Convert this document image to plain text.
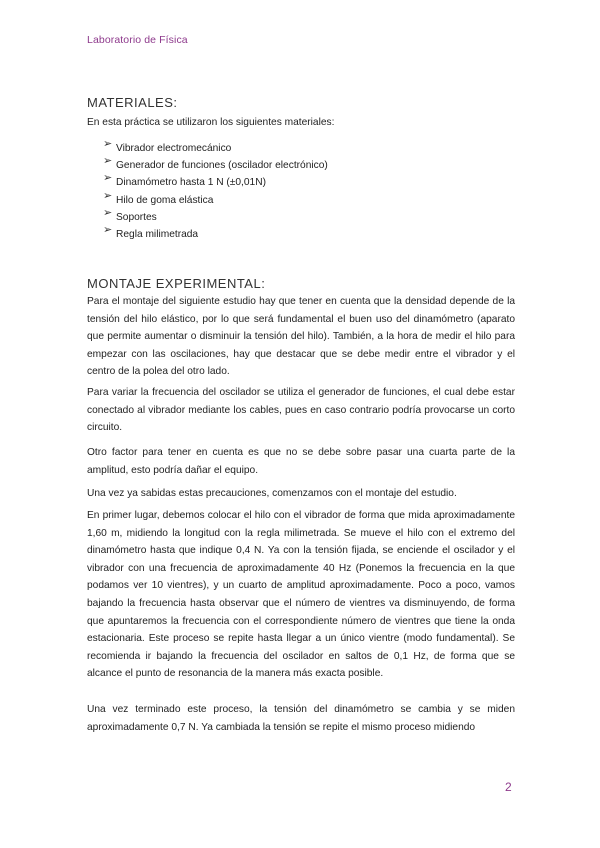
Laboratorio de Física
MATERIALES:

En esta práctica se utilizaron los siguientes materiales:

➢ Vibrador electromecánico
➢ Generador de funciones (oscilador electrónico)
➢ Dinamómetro hasta 1 N (±0,01N)
➢ Hilo de goma elástica
➢ Soportes
➢ Regla milimetrada
MONTAJE EXPERIMENTAL:

Para el montaje del siguiente estudio hay que tener en cuenta que la densidad depende de la tensión del hilo elástico, por lo que será fundamental el buen uso del dinamómetro (aparato que permite aumentar o disminuir la tensión del hilo). También, a la hora de medir el hilo para empezar con las oscilaciones, hay que destacar que se debe medir entre el vibrador y el centro de la polea del otro lado.

Para variar la frecuencia del oscilador se utiliza el generador de funciones, el cual debe estar conectado al vibrador mediante los cables, pues en caso contrario podría provocarse un corto circuito.

Otro factor para tener en cuenta es que no se debe sobre pasar una cuarta parte de la amplitud, esto podría dañar el equipo.

Una vez ya sabidas estas precauciones, comenzamos con el montaje del estudio.

En primer lugar, debemos colocar el hilo con el vibrador de forma que mida aproximadamente 1,60 m, midiendo la longitud con la regla milimetrada. Se mueve el hilo con el extremo del dinamómetro hasta que indique 0,4 N. Ya con la tensión fijada, se enciende el oscilador y el vibrador con una frecuencia de aproximadamente 40 Hz (Ponemos la frecuencia en la que podamos ver 10 vientres), y un cuarto de amplitud aproximadamente. Poco a poco, vamos bajando la frecuencia hasta observar que el número de vientres va disminuyendo, de forma que apuntaremos la frecuencia con el correspondiente número de vientres que tiene la onda estacionaria. Este proceso se repite hasta llegar a un único vientre (modo fundamental). Se recomienda ir bajando la frecuencia del oscilador en saltos de 0,1 Hz, de forma que se alcance el punto de resonancia de la manera más exacta posible.

Una vez terminado este proceso, la tensión del dinamómetro se cambia y se miden aproximadamente 0,7 N. Ya cambiada la tensión se repite el mismo proceso midiendo

2
